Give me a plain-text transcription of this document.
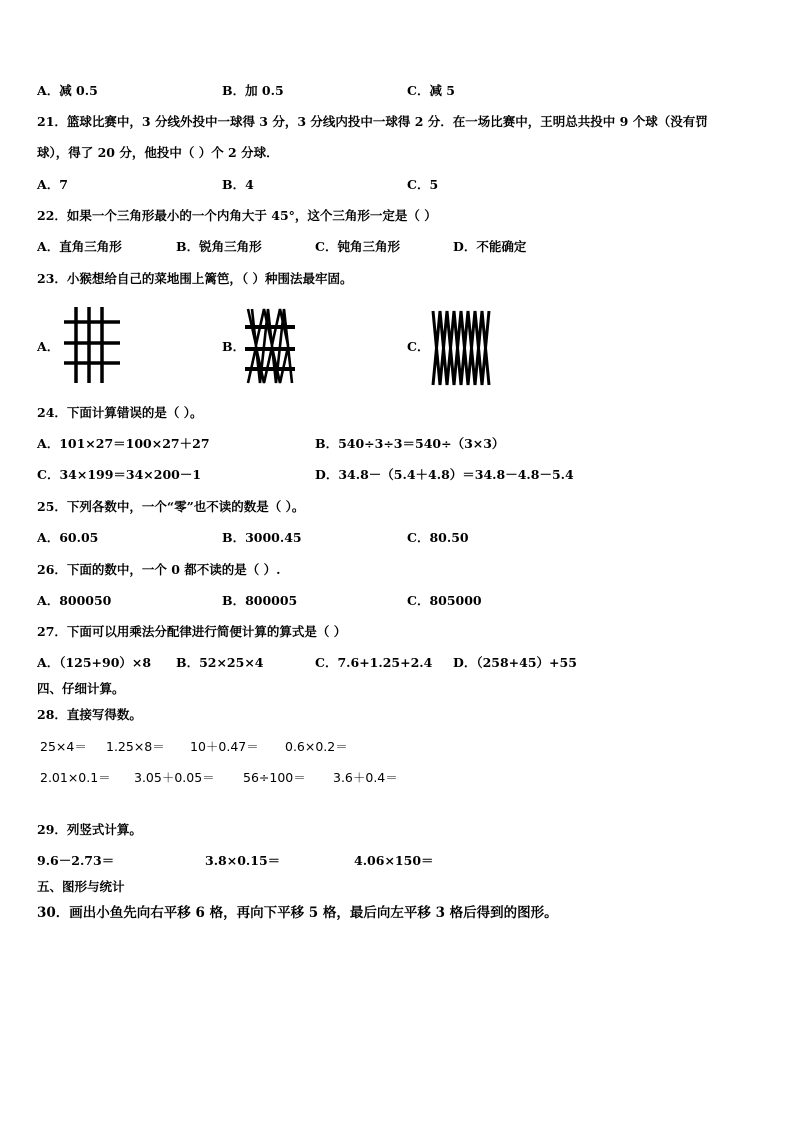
A．减 0.5	B．加 0.5	C．减 5
21．篮球比赛中，3 分线外投中一球得 3 分，3 分线内投中一球得 2 分．在一场比赛中，王明总共投中 9 个球（没有罚
球），得了 20 分，他投中（ ）个 2 分球．
A．7	B．4	C．5
22．如果一个三角形最小的一个内角大于 45°，这个三角形一定是（ ）
A．直角三角形	B．锐角三角形	C．钝角三角形	D．不能确定
23．小猴想给自己的菜地围上篱笆，（ ）种围法最牢固。
A．	B．	C．
24．下面计算错误的是（ ）。
A．101×27＝100×27＋27	B．540÷3÷3＝540÷（3×3）
C．34×199＝34×200－1	D．34.8－（5.4＋4.8）＝34.8－4.8－5.4
25．下列各数中，一个“零”也不读的数是（ ）。
A．60.05	B．3000.45	C．80.50
26．下面的数中，一个 0 都不读的是（ ）.
A．800050	B．800005	C．805000
27．下面可以用乘法分配律进行简便计算的算式是（ ）
A．（125+90）×8 B．52×25×4	C．7.6+1.25+2.4 D．（258+45）+55
四、仔细计算。
28．直接写得数。
25×4＝ 1.25×8＝ 10＋0.47＝ 0.6×0.2＝
2.01×0.1＝ 3.05＋0.05＝ 56÷100＝ 3.6＋0.4＝
29．列竖式计算。
9.6－2.73＝	3.8×0.15＝	4.06×150＝
五、图形与统计
30．画出小鱼先向右平移 6 格，再向下平移 5 格，最后向左平移 3 格后得到的图形。
